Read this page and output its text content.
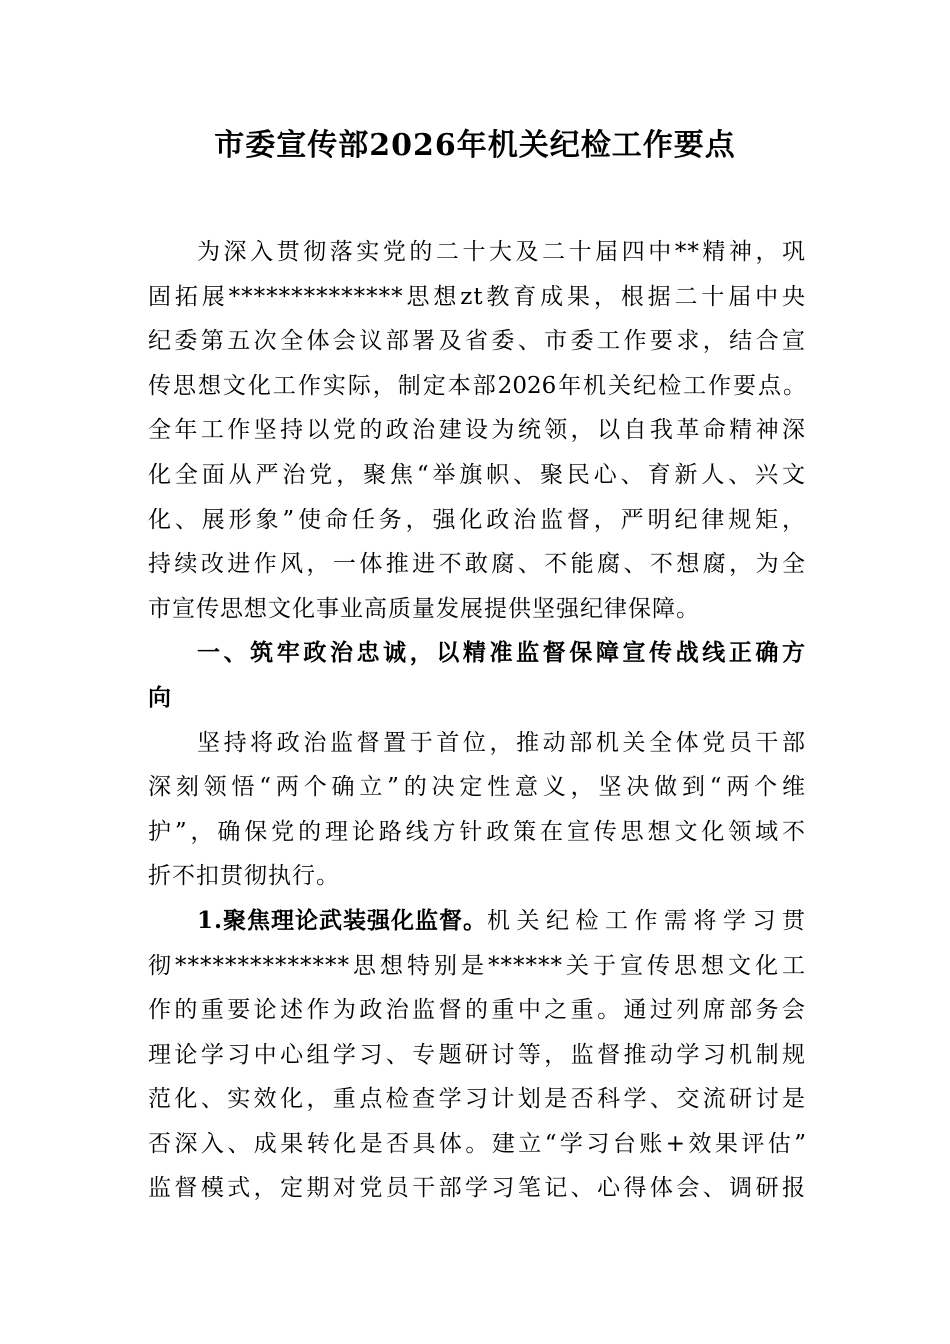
市委宣传部2026年机关纪检工作要点
为深入贯彻落实党的二十大及二十届四中**精神，巩
固拓展**************思想zt教育成果，根据二十届中央
纪委第五次全体会议部署及省委、市委工作要求，结合宣
传思想文化工作实际，制定本部2026年机关纪检工作要点。
全年工作坚持以党的政治建设为统领，以自我革命精神深
化全面从严治党，聚焦“举旗帜、聚民心、育新人、兴文
化、展形象”使命任务，强化政治监督，严明纪律规矩，
持续改进作风，一体推进不敢腐、不能腐、不想腐，为全
市宣传思想文化事业高质量发展提供坚强纪律保障。
一、筑牢政治忠诚，以精准监督保障宣传战线正确方
向
坚持将政治监督置于首位，推动部机关全体党员干部
深刻领悟“两个确立”的决定性意义，坚决做到“两个维
护”，确保党的理论路线方针政策在宣传思想文化领域不
折不扣贯彻执行。
1.聚焦理论武装强化监督。 机关纪检工作需将学习贯
彻**************思想特别是******关于宣传思想文化工
作的重要论述作为政治监督的重中之重。通过列席部务会
理论学习中心组学习、专题研讨等，监督推动学习机制规
范化、实效化，重点检查学习计划是否科学、交流研讨是
否深入、成果转化是否具体。建立“学习台账+效果评估”
监督模式，定期对党员干部学习笔记、心得体会、调研报
